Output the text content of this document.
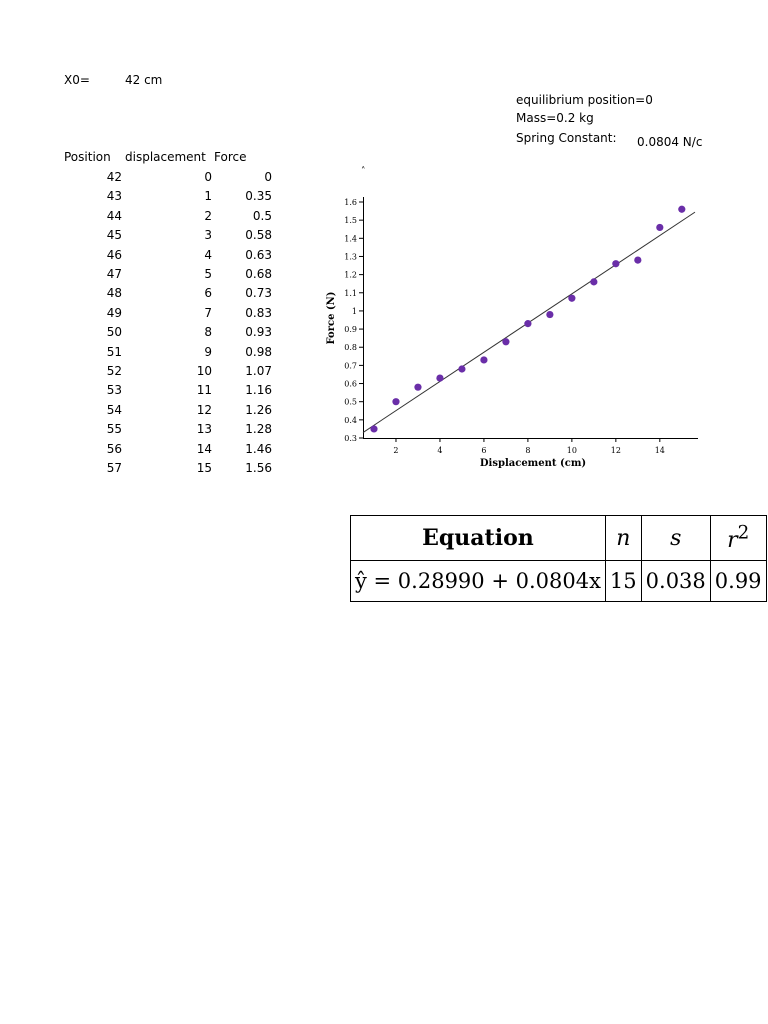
X0=	42 cm
equilibrium position=0
Mass=0.2 kg
Spring Constant: 0.0804 N/c
Position displacement Force
42	0	0
43	1	0.35
44	2	0.5
45	3	0.58
46	4	0.63
47	5	0.68
48	6	0.73
49	7	0.83
50	8	0.93
51	9	0.98
52	10	1.07
53	11	1.16
54	12	1.26
55	13	1.28
56	14	1.46
57	15	1.56
˄
0.3
0.4
0.5
0.6
0.7
0.8
0.9
1
1.1
1.2
1.3
1.4
1.5
1.6
2	4	6	8	10	12	14
Displacement (cm)
Force (N)
Equation	n	s	$r^2$
ŷ = 0.28990 + 0.0804x	15	0.038	0.99
